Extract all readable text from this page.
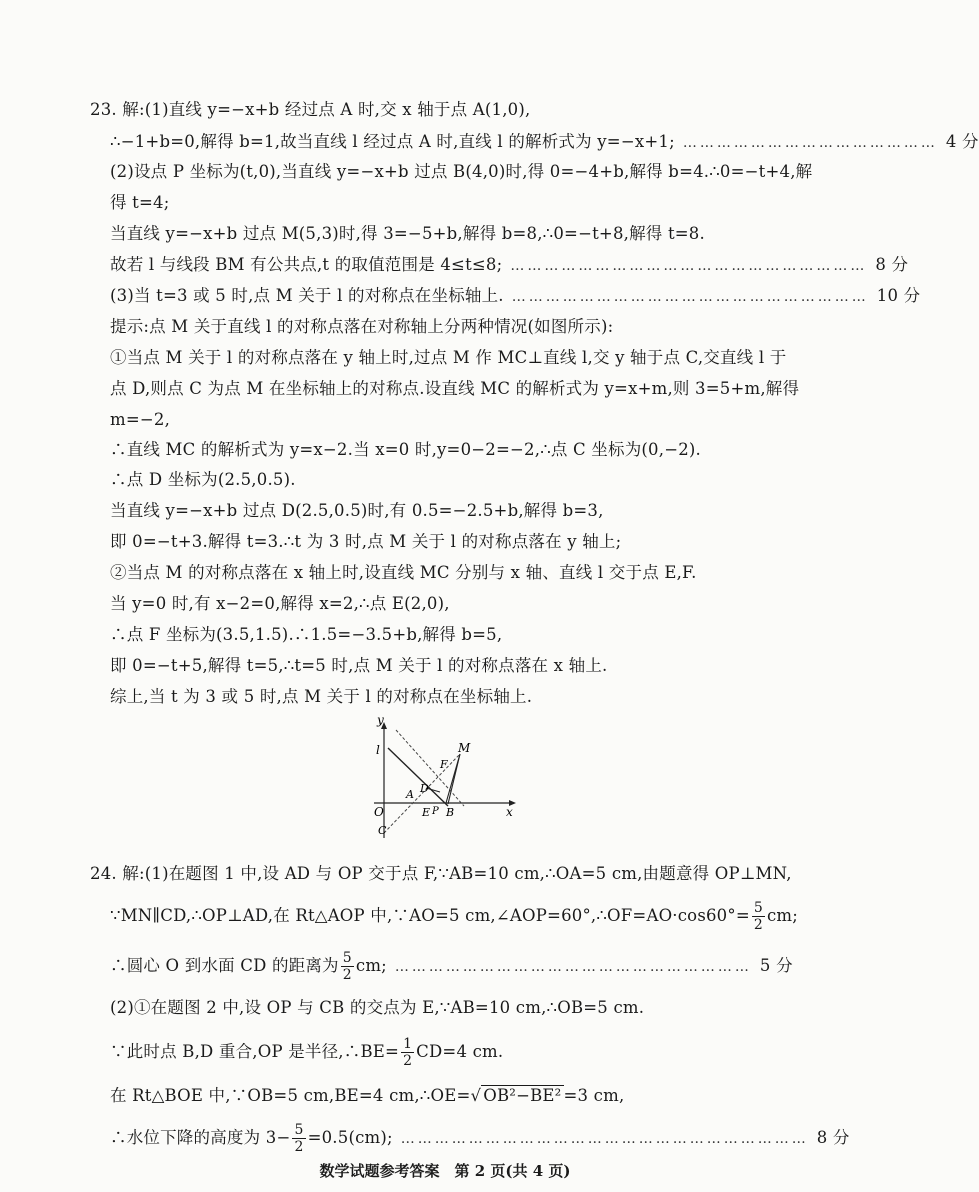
23. 解:(1)直线 y=−x+b 经过点 A 时,交 x 轴于点 A(1,0),
∴−1+b=0,解得 b=1,故当直线 l 经过点 A 时,直线 l 的解析式为 y=−x+1; ……………………………………… 4 分
(2)设点 P 坐标为(t,0),当直线 y=−x+b 过点 B(4,0)时,得 0=−4+b,解得 b=4.∴0=−t+4,解
得 t=4;
当直线 y=−x+b 过点 M(5,3)时,得 3=−5+b,解得 b=8,∴0=−t+8,解得 t=8.
故若 l 与线段 BM 有公共点,t 的取值范围是 4≤t≤8; ……………………………………………………… 8 分
(3)当 t=3 或 5 时,点 M 关于 l 的对称点在坐标轴上. ……………………………………………………… 10 分
提示:点 M 关于直线 l 的对称点落在对称轴上分两种情况(如图所示):
①当点 M 关于 l 的对称点落在 y 轴上时,过点 M 作 MC⊥直线 l,交 y 轴于点 C,交直线 l 于
点 D,则点 C 为点 M 在坐标轴上的对称点.设直线 MC 的解析式为 y=x+m,则 3=5+m,解得
m=−2,
∴直线 MC 的解析式为 y=x−2.当 x=0 时,y=0−2=−2,∴点 C 坐标为(0,−2).
∴点 D 坐标为(2.5,0.5).
当直线 y=−x+b 过点 D(2.5,0.5)时,有 0.5=−2.5+b,解得 b=3,
即 0=−t+3.解得 t=3.∴t 为 3 时,点 M 关于 l 的对称点落在 y 轴上;
②当点 M 的对称点落在 x 轴上时,设直线 MC 分别与 x 轴、直线 l 交于点 E,F.
当 y=0 时,有 x−2=0,解得 x=2,∴点 E(2,0),
∴点 F 坐标为(3.5,1.5).∴1.5=−3.5+b,解得 b=5,
即 0=−t+5,解得 t=5,∴t=5 时,点 M 关于 l 的对称点落在 x 轴上.
综上,当 t 为 3 或 5 时,点 M 关于 l 的对称点在坐标轴上.
y
x
l	M
F
D
A
O	E P B
C
24. 解:(1)在题图 1 中,设 AD 与 OP 交于点 F,∵AB=10 cm,∴OA=5 cm,由题意得 OP⊥MN,
∵MN∥CD,∴OP⊥AD,在 Rt△AOP 中,∵AO=5 cm,∠AOP=60°,∴OF=AO·cos60°= $\frac{5}{2}$ cm;
∴圆心 O 到水面 CD 的距离为 $\frac{5}{2}$ cm; ……………………………………………………… 5 分
(2)①在题图 2 中,设 OP 与 CB 的交点为 E,∵AB=10 cm,∴OB=5 cm.
∵此时点 B,D 重合,OP 是半径,∴BE= $\frac{1}{2} CD=4$ cm.
在 Rt△BOE 中,∵OB=5 cm,BE=4 cm,∴OE=√ OB²−BE² =3 cm,
∴水位下降的高度为 $3- \frac{5}{2} =0.5(cm)$; ……………………………………………………………… 8 分
数学试题参考答案　第 2 页(共 4 页)
